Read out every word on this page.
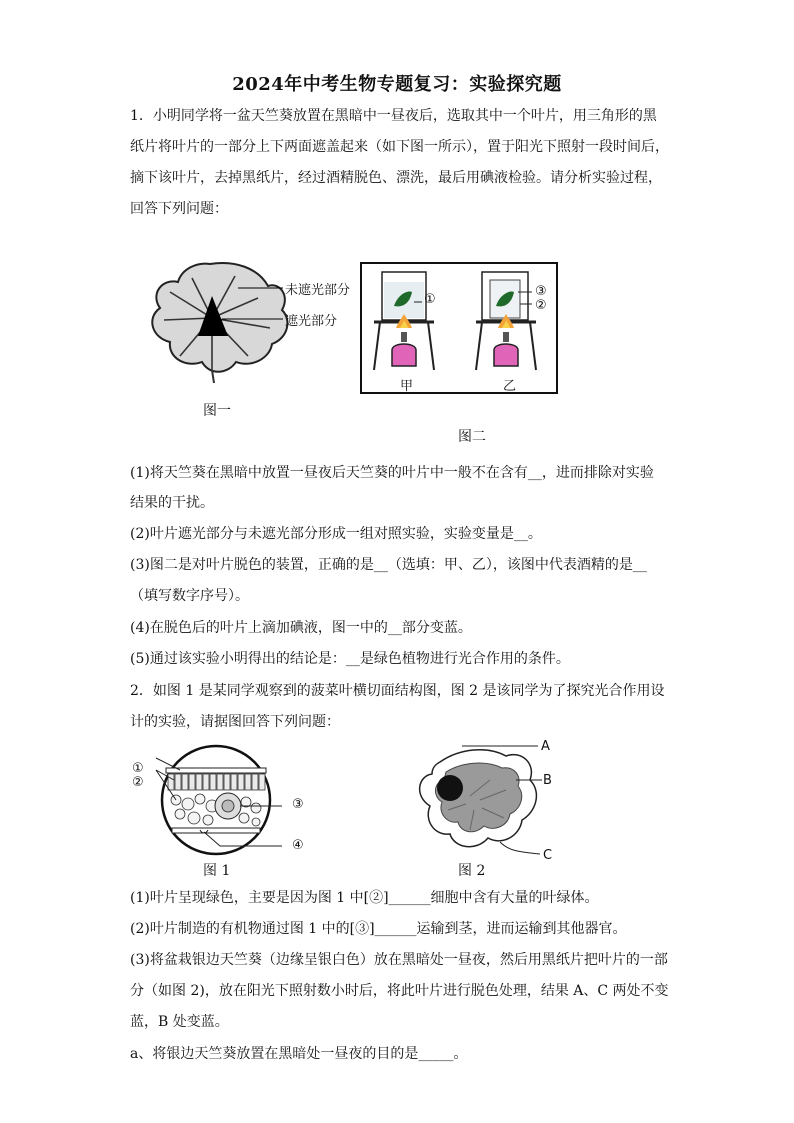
2024年中考生物专题复习：实验探究题
1．小明同学将一盆天竺葵放置在黑暗中一昼夜后，选取其中一个叶片，用三角形的黑
纸片将叶片的一部分上下两面遮盖起来（如下图一所示），置于阳光下照射一段时间后，
摘下该叶片，去掉黑纸片，经过酒精脱色、漂洗，最后用碘液检验。请分析实验过程，
回答下列问题：
未遮光部分
遮光部分
图一
①
③
②
甲	乙
图二
(1)将天竺葵在黑暗中放置一昼夜后天竺葵的叶片中一般不在含有__，进而排除对实验
结果的干扰。
(2)叶片遮光部分与未遮光部分形成一组对照实验，实验变量是__。
(3)图二是对叶片脱色的装置，正确的是__（选填：甲、乙），该图中代表酒精的是__
（填写数字序号）。
(4)在脱色后的叶片上滴加碘液，图一中的__部分变蓝。
(5)通过该实验小明得出的结论是：__是绿色植物进行光合作用的条件。
2．如图 1 是某同学观察到的菠菜叶横切面结构图，图 2 是该同学为了探究光合作用设
计的实验，请据图回答下列问题：
①
②
③
④
图 1
A
B
C
图 2
(1)叶片呈现绿色，主要是因为图 1 中[②]______细胞中含有大量的叶绿体。
(2)叶片制造的有机物通过图 1 中的[③]______运输到茎，进而运输到其他器官。
(3)将盆栽银边天竺葵（边缘呈银白色）放在黑暗处一昼夜，然后用黑纸片把叶片的一部
分（如图 2)，放在阳光下照射数小时后，将此叶片进行脱色处理，结果 A、C 两处不变
蓝，B 处变蓝。
a、将银边天竺葵放置在黑暗处一昼夜的目的是_____。
